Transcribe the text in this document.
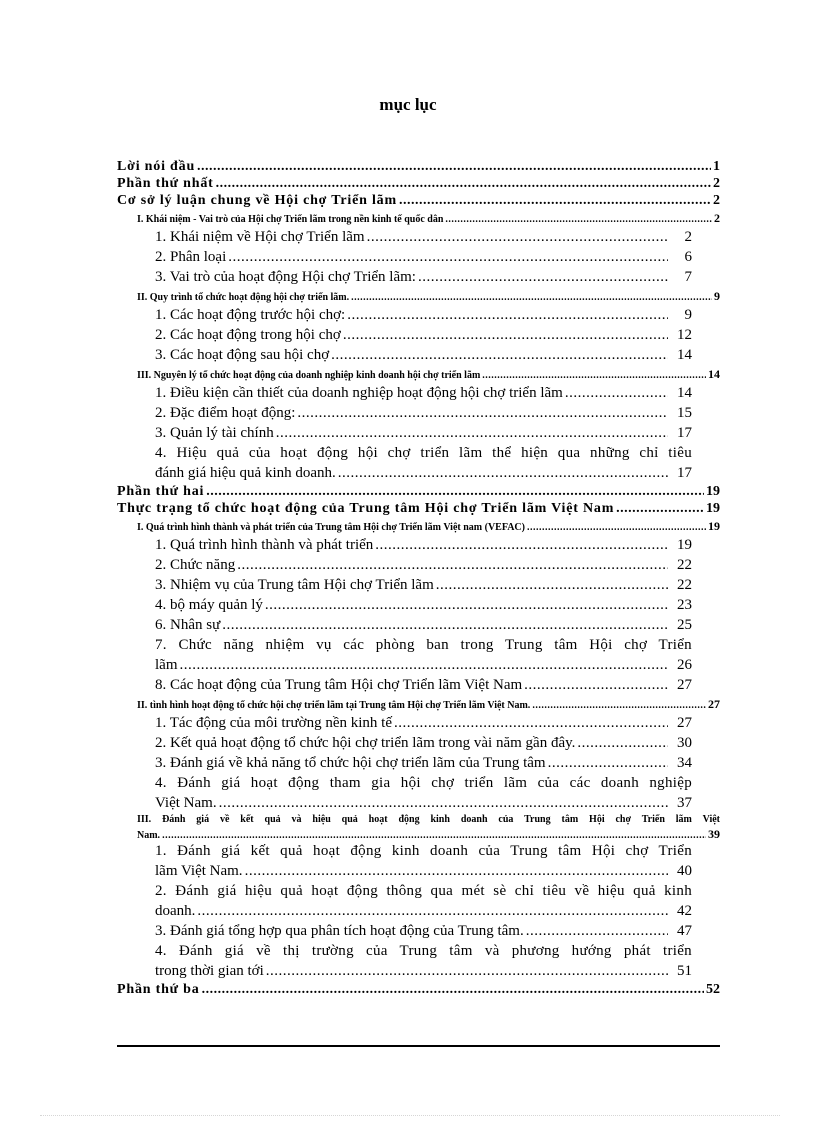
mục lục
Lời nói đầu .....	1
Phần thứ nhất .....	2
Cơ sở lý luận chung về Hội chợ Triển lãm .....	2
I. Khái niệm - Vai trò của Hội chợ Triển lãm trong nền kinh tế quốc dân .....	2
1. Khái niệm về Hội chợ Triển lãm .....	2
2. Phân loại .....	6
3. Vai trò của hoạt động Hội chợ Triển lãm: .....	7
II. Quy trình tổ chức hoạt động hội chợ triển lãm. .....	9
1. Các hoạt động trước hội chợ: .....	9
2. Các hoạt động trong hội chợ .....	12
3. Các hoạt động sau hội chợ .....	14
III. Nguyên lý tổ chức hoạt động của doanh nghiệp kinh doanh hội chợ triển lãm .....	14
1. Điều kiện cần thiết của doanh nghiệp hoạt động hội chợ triển lãm .....	14
2. Đặc điểm hoạt động: .....	15
3. Quản lý tài chính .....	17
4. Hiệu quả của hoạt động hội chợ triển lãm thể hiện qua những chỉ tiêu
đánh giá hiệu quả kinh doanh. .....	17
Phần thứ hai .....	19
Thực trạng tổ chức hoạt động của Trung tâm Hội chợ Triển lãm Việt Nam .....	19
I. Quá trình hình thành và phát triển của Trung tâm Hội chợ Triển lãm Việt nam (VEFAC) .....	19
1. Quá trình hình thành và phát triển .....	19
2. Chức năng .....	22
3. Nhiệm vụ của Trung tâm Hội chợ Triển lãm .....	22
4. bộ máy quản lý .....	23
6. Nhân sự .....	25
7. Chức năng nhiệm vụ các phòng ban trong Trung tâm Hội chợ Triển
lãm .....	26
8. Các hoạt động của Trung tâm Hội chợ Triển lãm Việt Nam .....	27
II. tình hình hoạt động tổ chức hội chợ triển lãm tại Trung tâm Hội chợ Triển lãm Việt Nam. .....	27
1. Tác động của môi trường nền kinh tế .....	27
2. Kết quả hoạt động tổ chức hội chợ triển lãm trong vài năm gần đây. .....	30
3. Đánh giá về khả năng tổ chức hội chợ triển lãm của Trung tâm .....	34
4. Đánh giá hoạt động tham gia hội chợ triển lãm của các doanh nghiệp
Việt Nam. .....	37
III. Đánh giá về kết quả và hiệu quả hoạt động kinh doanh của Trung tâm Hội chợ Triển lãm Việt
Nam. .....	39
1. Đánh giá kết quả hoạt động kinh doanh của Trung tâm Hội chợ Triển
lãm Việt Nam. .....	40
2. Đánh giá hiệu quả hoạt động thông qua mét sè chỉ tiêu về hiệu quả kinh
doanh. .....	42
3. Đánh giá tổng hợp qua phân tích hoạt động của Trung tâm. .....	47
4. Đánh giá về thị trường của Trung tâm và phương hướng phát triển
trong thời gian tới .....	51
Phần thứ ba .....	52
